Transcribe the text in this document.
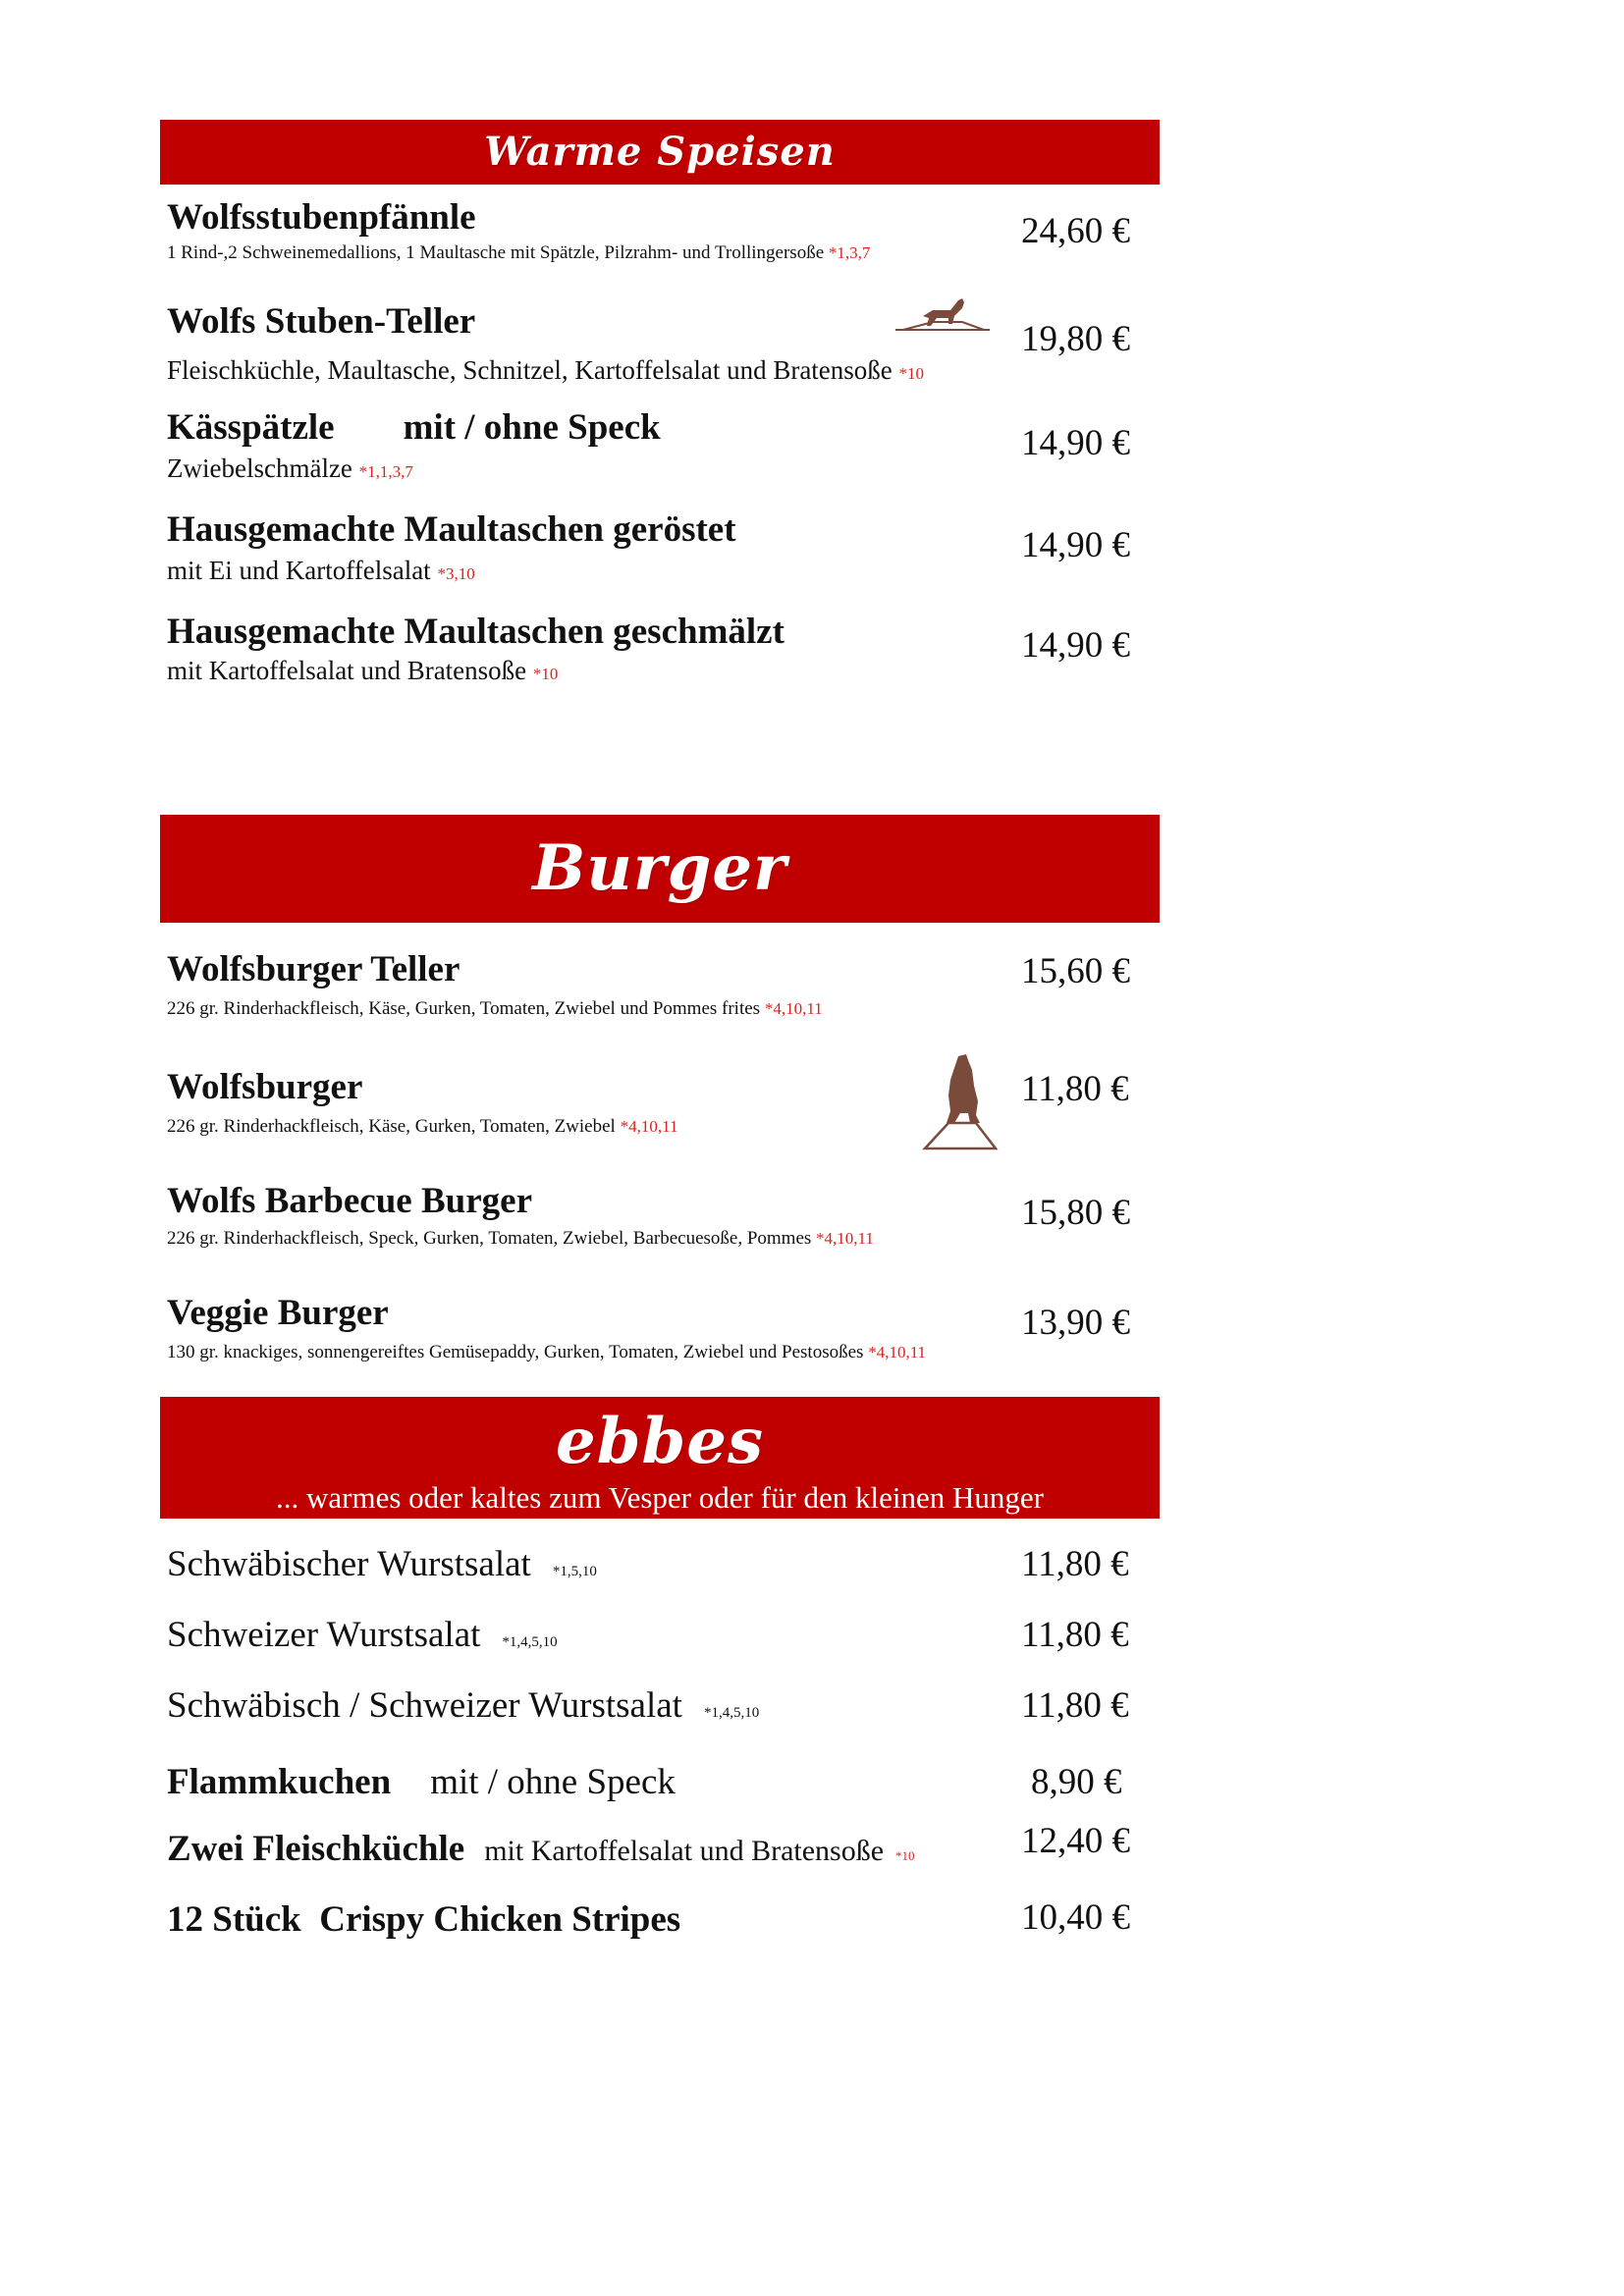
Warme Speisen
Wolfsstubenpfännle
1 Rind-,2 Schweinemedallions, 1 Maultasche mit Spätzle, Pilzrahm- und Trollingersoße *1,3,7
24,60 €
Wolfs Stuben-Teller
Fleischküchle, Maultasche, Schnitzel, Kartoffelsalat und Bratensoße *10
19,80 €
Kässpätzle mit / ohne Speck
Zwiebelschmälze *1,1,3,7
14,90 €
Hausgemachte Maultaschen geröstet
mit Ei und Kartoffelsalat *3,10
14,90 €
Hausgemachte Maultaschen geschmälzt
mit Kartoffelsalat und Bratensoße *10
14,90 €
Burger
Wolfsburger Teller
226 gr. Rinderhackfleisch, Käse, Gurken, Tomaten, Zwiebel und Pommes frites *4,10,11
15,60 €
Wolfsburger
226 gr. Rinderhackfleisch, Käse, Gurken, Tomaten, Zwiebel *4,10,11
11,80 €
Wolfs Barbecue Burger
226 gr. Rinderhackfleisch, Speck, Gurken, Tomaten, Zwiebel, Barbecuesoße, Pommes *4,10,11
15,80 €
Veggie Burger
130 gr. knackiges, sonnengereiftes Gemüsepaddy, Gurken, Tomaten, Zwiebel und Pestosoßes *4,10,11
13,90 €
ebbes
... warmes oder kaltes zum Vesper oder für den kleinen Hunger
Schwäbischer Wurstsalat *1,5,10	11,80 €
Schweizer Wurstsalat *1,4,5,10	11,80 €
Schwäbisch / Schweizer Wurstsalat *1,4,5,10	11,80 €
Flammkuchen mit / ohne Speck	8,90 €
Zwei Fleischküchle mit Kartoffelsalat und Bratensoße *10	12,40 €
12 Stück  Crispy Chicken Stripes	10,40 €
